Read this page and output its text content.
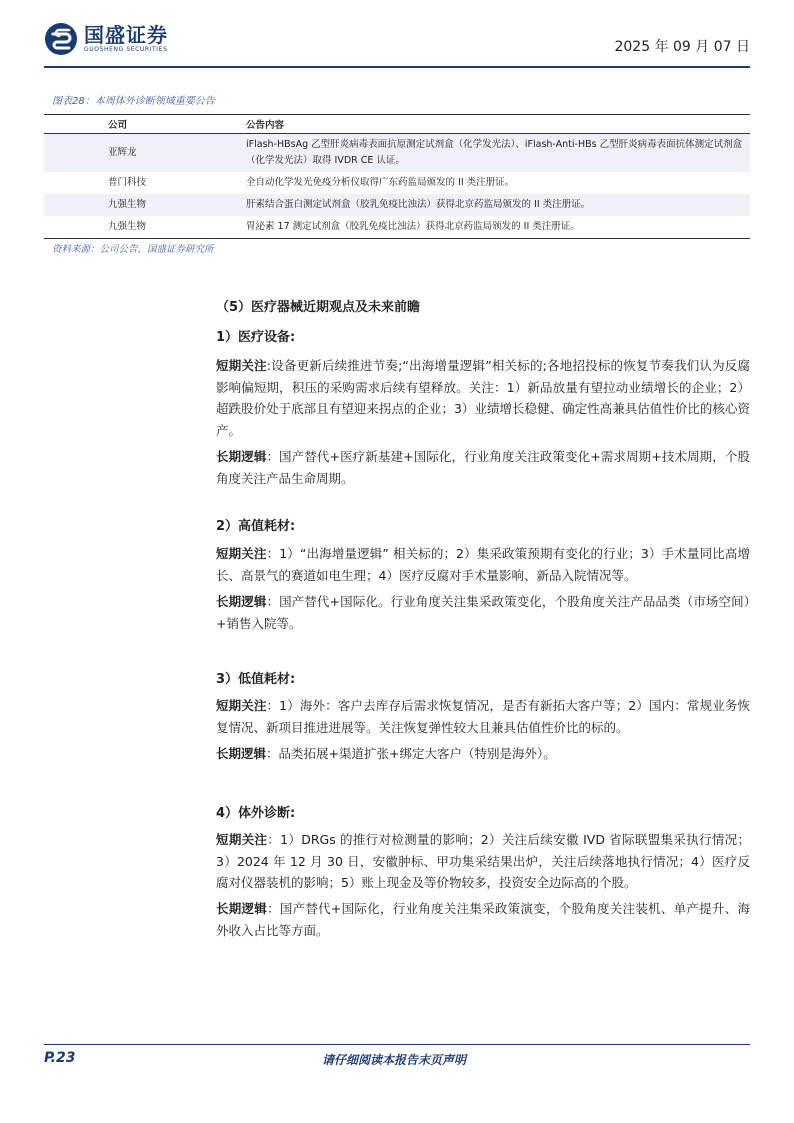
国盛证券
GUOSHENG SECURITIES	2025 年 09 月 07 日
图表28：本周体外诊断领域重要公告
公司	公告内容
亚辉龙	iFlash-HBsAg 乙型肝炎病毒表面抗原测定试剂盒（化学发光法）、iFlash-Anti-HBs 乙型肝炎病毒表面抗体测定试剂盒（化学发光法）取得 IVDR CE 认证。
普门科技	全自动化学发光免疫分析仪取得广东药监局颁发的 II 类注册证。
九强生物	肝素结合蛋白测定试剂盒（胶乳免疫比浊法）获得北京药监局颁发的 II 类注册证。
九强生物	胃泌素 17 测定试剂盒（胶乳免疫比浊法）获得北京药监局颁发的 II 类注册证。
资料来源：公司公告，国盛证券研究所
（5）医疗器械近期观点及未来前瞻
1）医疗设备:
短期关注:设备更新后续推进节奏;“出海增量逻辑”相关标的;各地招投标的恢复节奏我们认为反腐影响偏短期，积压的采购需求后续有望释放。关注：1）新品放量有望拉动业绩增长的企业；2）超跌股价处于底部且有望迎来拐点的企业；3）业绩增长稳健、确定性高兼具估值性价比的核心资产。
长期逻辑：国产替代+医疗新基建+国际化，行业角度关注政策变化+需求周期+技术周期，个股角度关注产品生命周期。
2）高值耗材:
短期关注：1）“出海增量逻辑” 相关标的；2）集采政策预期有变化的行业；3）手术量同比高增长、高景气的赛道如电生理；4）医疗反腐对手术量影响、新品入院情况等。
长期逻辑：国产替代+国际化。行业角度关注集采政策变化，个股角度关注产品品类（市场空间）+销售入院等。
3）低值耗材:
短期关注：1）海外：客户去库存后需求恢复情况，是否有新拓大客户等；2）国内：常规业务恢复情况、新项目推进进展等。关注恢复弹性较大且兼具估值性价比的标的。
长期逻辑：品类拓展+渠道扩张+绑定大客户（特别是海外）。
4）体外诊断:
短期关注：1）DRGs 的推行对检测量的影响；2）关注后续安徽 IVD 省际联盟集采执行情况；3）2024 年 12 月 30 日，安徽肿标、甲功集采结果出炉，关注后续落地执行情况；4）医疗反腐对仪器装机的影响；5）账上现金及等价物较多，投资安全边际高的个股。
长期逻辑：国产替代+国际化，行业角度关注集采政策演变，个股角度关注装机、单产提升、海外收入占比等方面。
P.23	请仔细阅读本报告末页声明
